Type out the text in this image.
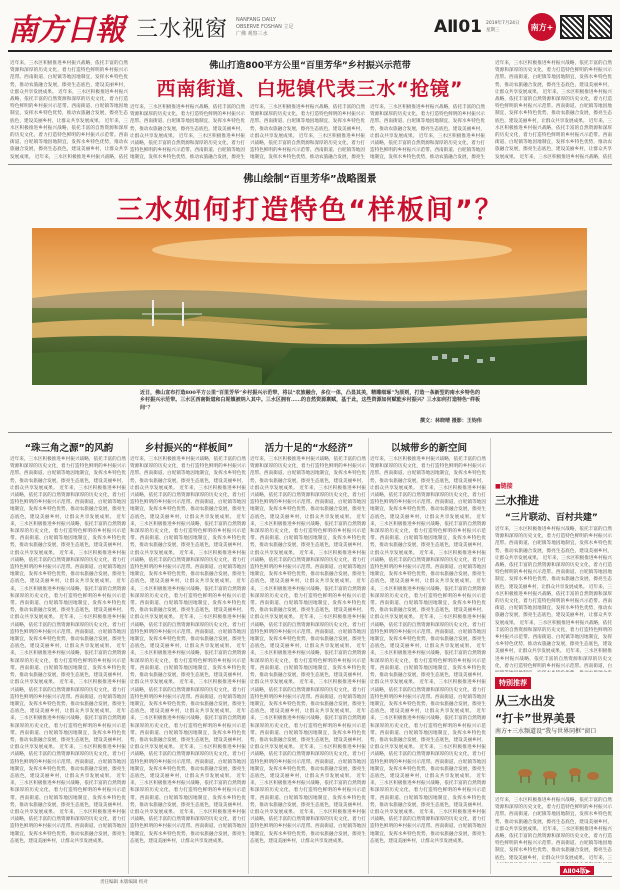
南方日報 三水视窗 NANFANG DAILY OBSERVE FOSHAN 立足广佛 观察三水	AⅡ01 2019年7月24日 星期三	南方+
近年来，三水区积极推进乡村振兴战略，依托丰富的自然资源和深厚的历史文化，着力打造特色鲜明的乡村振兴示范带。西南街道、白坭镇等地因地制宜，发挥水乡特色优势，推动农旅融合发展，擦亮生态底色，建设美丽乡村，让群众共享发展成果。 近年来，三水区积极推进乡村振兴战略，依托丰富的自然资源和深厚的历史文化，着力打造特色鲜明的乡村振兴示范带。西南街道、白坭镇等地因地制宜，发挥水乡特色优势，推动农旅融合发展，擦亮生态底色，建设美丽乡村，让群众共享发展成果。 近年来，三水区积极推进乡村振兴战略，依托丰富的自然资源和深厚的历史文化，着力打造特色鲜明的乡村振兴示范带。西南街道、白坭镇等地因地制宜，发挥水乡特色优势，推动农旅融合发展，擦亮生态底色，建设美丽乡村，让群众共享发展成果。 近年来，三水区积极推进乡村振兴战略，依托
佛山打造800平方公里“百里芳华”乡村振兴示范带
西南街道、白坭镇代表三水“抢镜”
近年来，三水区积极推进乡村振兴战略，依托丰富的自然资源和深厚的历史文化，着力打造特色鲜明的乡村振兴示范带。西南街道、白坭镇等地因地制宜，发挥水乡特色优势，推动农旅融合发展，擦亮生态底色，建设美丽乡村，让群众共享发展成果。 近年来，三水区积极推进乡村振兴战略，依托丰富的自然资源和深厚的历史文化，着力打造特色鲜明的乡村振兴示范带。西南街道、白坭镇等地因地制宜，发挥水乡特色优势，推动农旅融合发展，擦亮生
近年来，三水区积极推进乡村振兴战略，依托丰富的自然资源和深厚的历史文化，着力打造特色鲜明的乡村振兴示范带。西南街道、白坭镇等地因地制宜，发挥水乡特色优势，推动农旅融合发展，擦亮生态底色，建设美丽乡村，让群众共享发展成果。 近年来，三水区积极推进乡村振兴战略，依托丰富的自然资源和深厚的历史文化，着力打造特色鲜明的乡村振兴示范带。西南街道、白坭镇等地因地制宜，发挥水乡特色优势，推动农旅融合发展，擦亮生
近年来，三水区积极推进乡村振兴战略，依托丰富的自然资源和深厚的历史文化，着力打造特色鲜明的乡村振兴示范带。西南街道、白坭镇等地因地制宜，发挥水乡特色优势，推动农旅融合发展，擦亮生态底色，建设美丽乡村，让群众共享发展成果。 近年来，三水区积极推进乡村振兴战略，依托丰富的自然资源和深厚的历史文化，着力打造特色鲜明的乡村振兴示范带。西南街道、白坭镇等地因地制宜，发挥水乡特色优势，推动农旅融合发展，擦亮生
近年来，三水区积极推进乡村振兴战略，依托丰富的自然资源和深厚的历史文化，着力打造特色鲜明的乡村振兴示范带。西南街道、白坭镇等地因地制宜，发挥水乡特色优势，推动农旅融合发展，擦亮生态底色，建设美丽乡村，让群众共享发展成果。 近年来，三水区积极推进乡村振兴战略，依托丰富的自然资源和深厚的历史文化，着力打造特色鲜明的乡村振兴示范带。西南街道、白坭镇等地因地制宜，发挥水乡特色优势，推动农旅融合发展，擦亮生态底色，建设美丽乡村，让群众共享发展成果。 近年来，三水区积极推进乡村振兴战略，依托丰富的自然资源和深厚的历史文化，着力打造特色鲜明的乡村振兴示范带。西南街道、白坭镇等地因地制宜，发挥水乡特色优势，推动农旅融合发展，擦亮生态底色，建设美丽乡村，让群众共享发展成果。 近年来，三水区积极推进乡村振兴战略，依托
佛山绘制“百里芳华”战略图景
三水如何打造特色“样板间”？
近日，佛山宣布打造800平方公里“百里芳华”乡村振兴示范带，将以“农旅融合，多位一体，凸显其美，精雕细琢”为原则，打造一条新型的南水乡特色的乡村振兴示范带。三水区西南街道和白坭镇被纳入其中。三水区拥有……的自然资源禀赋，基于此，这些资源如何赋能乡村振兴？三水如何打造特色“样板间”？
撰文：林晓晴 摄影：王钧伟
“珠三角之源”的风韵	乡村振兴的“样板间”	活力十足的“水经济”	以城带乡的新空间
近年来，三水区积极推进乡村振兴战略，依托丰富的自然资源和深厚的历史文化，着力打造特色鲜明的乡村振兴示范带。西南街道、白坭镇等地因地制宜，发挥水乡特色优势，推动农旅融合发展，擦亮生态底色，建设美丽乡村，让群众共享发展成果。 近年来，三水区积极推进乡村振兴战略，依托丰富的自然资源和深厚的历史文化，着力打造特色鲜明的乡村振兴示范带。西南街道、白坭镇等地因地制宜，发挥水乡特色优势，推动农旅融合发展，擦亮生态底色，建设美丽乡村，让群众共享发展成果。 近年来，三水区积极推进乡村振兴战略，依托丰富的自然资源和深厚的历史文化，着力打造特色鲜明的乡村振兴示范带。西南街道、白坭镇等地因地制宜，发挥水乡特色优势，推动农旅融合发展，擦亮生态底色，建设美丽乡村，让群众共享发展成果。 近年来，三水区积极推进乡村振兴战略，依托丰富的自然资源和深厚的历史文化，着力打造特色鲜明的乡村振兴示范带。西南街道、白坭镇等地因地制宜，发挥水乡特色优势，推动农旅融合发展，擦亮生态底色，建设美丽乡村，让群众共享发展成果。 近年来，三水区积极推进乡村振兴战略，依托丰富的自然资源和深厚的历史文化，着力打造特色鲜明的乡村振兴示范带。西南街道、白坭镇等地因地制宜，发挥水乡特色优势，推动农旅融合发展，擦亮生态底色，建设美丽乡村，让群众共享发展成果。 近年来，三水区积极推进乡村振兴战略，依托丰富的自然资源和深厚的历史文化，着力打造特色鲜明的乡村振兴示范带。西南街道、白坭镇等地因地制宜，发挥水乡特色优势，推动农旅融合发展，擦亮生态底色，建设美丽乡村，让群众共享发展成果。 近年来，三水区积极推进乡村振兴战略，依托丰富的自然资源和深厚的历史文化，着力打造特色鲜明的乡村振兴示范带。西南街道、白坭镇等地因地制宜，发挥水乡特色优势，推动农旅融合发展，擦亮生态底色，建设美丽乡村，让群众共享发展成果。 近年来，三水区积极推进乡村振兴战略，依托丰富的自然资源和深厚的历史文化，着力打造特色鲜明的乡村振兴示范带。西南街道、白坭镇等地因地制宜，发挥水乡特色优势，推动农旅融合发展，擦亮生态底色，建设美丽乡村，让群众共享发展成果。 近年来，三水区积极推进乡村振兴战略，依托丰富的自然资源和深厚的历史文化，着力打造特色鲜明的乡村振兴示范带。西南街道、白坭镇等地因地制宜，发挥水乡特色优势，推动农旅融合发展，擦亮生态底色，建设美丽乡村，让群众共享发展成果。 近年来，三水区积极推进乡村振兴战略，依托丰富的自然资源和深厚的历史文化，着力打造特色鲜明的乡村振兴示范带。西南街道、白坭镇等地因地制宜，发挥水乡特色优势，推动农旅融合发展，擦亮生态底色，建设美丽乡村，让群众共享发展成果。 近年来，三水区积极推进乡村振兴战略，依托丰富的自然资源和深厚的历史文化，着力打造特色鲜明的乡村振兴示范带。西南街道、白坭镇等地因地制宜，发挥水乡特色优势，推动农旅融合发展，擦亮生态底色，建设美丽乡村，让群众共享发展成果。 近年来，三水区积极推进乡村振兴战略，依托丰富的自然资源和深厚的历史文化，着力打造特色鲜明的乡村振兴示范带。西南街道、白坭镇等地因地制宜，发挥水乡特色优势，推动农旅融合发展，擦亮生态底色，建设美丽乡村，让群众共享发展成果。
近年来，三水区积极推进乡村振兴战略，依托丰富的自然资源和深厚的历史文化，着力打造特色鲜明的乡村振兴示范带。西南街道、白坭镇等地因地制宜，发挥水乡特色优势，推动农旅融合发展，擦亮生态底色，建设美丽乡村，让群众共享发展成果。 近年来，三水区积极推进乡村振兴战略，依托丰富的自然资源和深厚的历史文化，着力打造特色鲜明的乡村振兴示范带。西南街道、白坭镇等地因地制宜，发挥水乡特色优势，推动农旅融合发展，擦亮生态底色，建设美丽乡村，让群众共享发展成果。 近年来，三水区积极推进乡村振兴战略，依托丰富的自然资源和深厚的历史文化，着力打造特色鲜明的乡村振兴示范带。西南街道、白坭镇等地因地制宜，发挥水乡特色优势，推动农旅融合发展，擦亮生态底色，建设美丽乡村，让群众共享发展成果。 近年来，三水区积极推进乡村振兴战略，依托丰富的自然资源和深厚的历史文化，着力打造特色鲜明的乡村振兴示范带。西南街道、白坭镇等地因地制宜，发挥水乡特色优势，推动农旅融合发展，擦亮生态底色，建设美丽乡村，让群众共享发展成果。 近年来，三水区积极推进乡村振兴战略，依托丰富的自然资源和深厚的历史文化，着力打造特色鲜明的乡村振兴示范带。西南街道、白坭镇等地因地制宜，发挥水乡特色优势，推动农旅融合发展，擦亮生态底色，建设美丽乡村，让群众共享发展成果。 近年来，三水区积极推进乡村振兴战略，依托丰富的自然资源和深厚的历史文化，着力打造特色鲜明的乡村振兴示范带。西南街道、白坭镇等地因地制宜，发挥水乡特色优势，推动农旅融合发展，擦亮生态底色，建设美丽乡村，让群众共享发展成果。 近年来，三水区积极推进乡村振兴战略，依托丰富的自然资源和深厚的历史文化，着力打造特色鲜明的乡村振兴示范带。西南街道、白坭镇等地因地制宜，发挥水乡特色优势，推动农旅融合发展，擦亮生态底色，建设美丽乡村，让群众共享发展成果。 近年来，三水区积极推进乡村振兴战略，依托丰富的自然资源和深厚的历史文化，着力打造特色鲜明的乡村振兴示范带。西南街道、白坭镇等地因地制宜，发挥水乡特色优势，推动农旅融合发展，擦亮生态底色，建设美丽乡村，让群众共享发展成果。 近年来，三水区积极推进乡村振兴战略，依托丰富的自然资源和深厚的历史文化，着力打造特色鲜明的乡村振兴示范带。西南街道、白坭镇等地因地制宜，发挥水乡特色优势，推动农旅融合发展，擦亮生态底色，建设美丽乡村，让群众共享发展成果。 近年来，三水区积极推进乡村振兴战略，依托丰富的自然资源和深厚的历史文化，着力打造特色鲜明的乡村振兴示范带。西南街道、白坭镇等地因地制宜，发挥水乡特色优势，推动农旅融合发展，擦亮生态底色，建设美丽乡村，让群众共享发展成果。 近年来，三水区积极推进乡村振兴战略，依托丰富的自然资源和深厚的历史文化，着力打造特色鲜明的乡村振兴示范带。西南街道、白坭镇等地因地制宜，发挥水乡特色优势，推动农旅融合发展，擦亮生态底色，建设美丽乡村，让群众共享发展成果。 近年来，三水区积极推进乡村振兴战略，依托丰富的自然资源和深厚的历史文化，着力打造特色鲜明的乡村振兴示范带。西南街道、白坭镇等地因地制宜，发挥水乡特色优势，推动农旅融合发展，擦亮生态底色，建设美丽乡村，让群众共享发展成果。
近年来，三水区积极推进乡村振兴战略，依托丰富的自然资源和深厚的历史文化，着力打造特色鲜明的乡村振兴示范带。西南街道、白坭镇等地因地制宜，发挥水乡特色优势，推动农旅融合发展，擦亮生态底色，建设美丽乡村，让群众共享发展成果。 近年来，三水区积极推进乡村振兴战略，依托丰富的自然资源和深厚的历史文化，着力打造特色鲜明的乡村振兴示范带。西南街道、白坭镇等地因地制宜，发挥水乡特色优势，推动农旅融合发展，擦亮生态底色，建设美丽乡村，让群众共享发展成果。 近年来，三水区积极推进乡村振兴战略，依托丰富的自然资源和深厚的历史文化，着力打造特色鲜明的乡村振兴示范带。西南街道、白坭镇等地因地制宜，发挥水乡特色优势，推动农旅融合发展，擦亮生态底色，建设美丽乡村，让群众共享发展成果。 近年来，三水区积极推进乡村振兴战略，依托丰富的自然资源和深厚的历史文化，着力打造特色鲜明的乡村振兴示范带。西南街道、白坭镇等地因地制宜，发挥水乡特色优势，推动农旅融合发展，擦亮生态底色，建设美丽乡村，让群众共享发展成果。 近年来，三水区积极推进乡村振兴战略，依托丰富的自然资源和深厚的历史文化，着力打造特色鲜明的乡村振兴示范带。西南街道、白坭镇等地因地制宜，发挥水乡特色优势，推动农旅融合发展，擦亮生态底色，建设美丽乡村，让群众共享发展成果。 近年来，三水区积极推进乡村振兴战略，依托丰富的自然资源和深厚的历史文化，着力打造特色鲜明的乡村振兴示范带。西南街道、白坭镇等地因地制宜，发挥水乡特色优势，推动农旅融合发展，擦亮生态底色，建设美丽乡村，让群众共享发展成果。 近年来，三水区积极推进乡村振兴战略，依托丰富的自然资源和深厚的历史文化，着力打造特色鲜明的乡村振兴示范带。西南街道、白坭镇等地因地制宜，发挥水乡特色优势，推动农旅融合发展，擦亮生态底色，建设美丽乡村，让群众共享发展成果。 近年来，三水区积极推进乡村振兴战略，依托丰富的自然资源和深厚的历史文化，着力打造特色鲜明的乡村振兴示范带。西南街道、白坭镇等地因地制宜，发挥水乡特色优势，推动农旅融合发展，擦亮生态底色，建设美丽乡村，让群众共享发展成果。 近年来，三水区积极推进乡村振兴战略，依托丰富的自然资源和深厚的历史文化，着力打造特色鲜明的乡村振兴示范带。西南街道、白坭镇等地因地制宜，发挥水乡特色优势，推动农旅融合发展，擦亮生态底色，建设美丽乡村，让群众共享发展成果。 近年来，三水区积极推进乡村振兴战略，依托丰富的自然资源和深厚的历史文化，着力打造特色鲜明的乡村振兴示范带。西南街道、白坭镇等地因地制宜，发挥水乡特色优势，推动农旅融合发展，擦亮生态底色，建设美丽乡村，让群众共享发展成果。 近年来，三水区积极推进乡村振兴战略，依托丰富的自然资源和深厚的历史文化，着力打造特色鲜明的乡村振兴示范带。西南街道、白坭镇等地因地制宜，发挥水乡特色优势，推动农旅融合发展，擦亮生态底色，建设美丽乡村，让群众共享发展成果。 近年来，三水区积极推进乡村振兴战略，依托丰富的自然资源和深厚的历史文化，着力打造特色鲜明的乡村振兴示范带。西南街道、白坭镇等地因地制宜，发挥水乡特色优势，推动农旅融合发展，擦亮生态底色，建设美丽乡村，让群众共享发展成果。
近年来，三水区积极推进乡村振兴战略，依托丰富的自然资源和深厚的历史文化，着力打造特色鲜明的乡村振兴示范带。西南街道、白坭镇等地因地制宜，发挥水乡特色优势，推动农旅融合发展，擦亮生态底色，建设美丽乡村，让群众共享发展成果。 近年来，三水区积极推进乡村振兴战略，依托丰富的自然资源和深厚的历史文化，着力打造特色鲜明的乡村振兴示范带。西南街道、白坭镇等地因地制宜，发挥水乡特色优势，推动农旅融合发展，擦亮生态底色，建设美丽乡村，让群众共享发展成果。 近年来，三水区积极推进乡村振兴战略，依托丰富的自然资源和深厚的历史文化，着力打造特色鲜明的乡村振兴示范带。西南街道、白坭镇等地因地制宜，发挥水乡特色优势，推动农旅融合发展，擦亮生态底色，建设美丽乡村，让群众共享发展成果。 近年来，三水区积极推进乡村振兴战略，依托丰富的自然资源和深厚的历史文化，着力打造特色鲜明的乡村振兴示范带。西南街道、白坭镇等地因地制宜，发挥水乡特色优势，推动农旅融合发展，擦亮生态底色，建设美丽乡村，让群众共享发展成果。 近年来，三水区积极推进乡村振兴战略，依托丰富的自然资源和深厚的历史文化，着力打造特色鲜明的乡村振兴示范带。西南街道、白坭镇等地因地制宜，发挥水乡特色优势，推动农旅融合发展，擦亮生态底色，建设美丽乡村，让群众共享发展成果。 近年来，三水区积极推进乡村振兴战略，依托丰富的自然资源和深厚的历史文化，着力打造特色鲜明的乡村振兴示范带。西南街道、白坭镇等地因地制宜，发挥水乡特色优势，推动农旅融合发展，擦亮生态底色，建设美丽乡村，让群众共享发展成果。 近年来，三水区积极推进乡村振兴战略，依托丰富的自然资源和深厚的历史文化，着力打造特色鲜明的乡村振兴示范带。西南街道、白坭镇等地因地制宜，发挥水乡特色优势，推动农旅融合发展，擦亮生态底色，建设美丽乡村，让群众共享发展成果。 近年来，三水区积极推进乡村振兴战略，依托丰富的自然资源和深厚的历史文化，着力打造特色鲜明的乡村振兴示范带。西南街道、白坭镇等地因地制宜，发挥水乡特色优势，推动农旅融合发展，擦亮生态底色，建设美丽乡村，让群众共享发展成果。 近年来，三水区积极推进乡村振兴战略，依托丰富的自然资源和深厚的历史文化，着力打造特色鲜明的乡村振兴示范带。西南街道、白坭镇等地因地制宜，发挥水乡特色优势，推动农旅融合发展，擦亮生态底色，建设美丽乡村，让群众共享发展成果。 近年来，三水区积极推进乡村振兴战略，依托丰富的自然资源和深厚的历史文化，着力打造特色鲜明的乡村振兴示范带。西南街道、白坭镇等地因地制宜，发挥水乡特色优势，推动农旅融合发展，擦亮生态底色，建设美丽乡村，让群众共享发展成果。 近年来，三水区积极推进乡村振兴战略，依托丰富的自然资源和深厚的历史文化，着力打造特色鲜明的乡村振兴示范带。西南街道、白坭镇等地因地制宜，发挥水乡特色优势，推动农旅融合发展，擦亮生态底色，建设美丽乡村，让群众共享发展成果。 近年来，三水区积极推进乡村振兴战略，依托丰富的自然资源和深厚的历史文化，着力打造特色鲜明的乡村振兴示范带。西南街道、白坭镇等地因地制宜，发挥水乡特色优势，推动农旅融合发展，擦亮生态底色，建设美丽乡村，让群众共享发展成果。
■链接
三水推进
“三片联动、百村共建”
近年来，三水区积极推进乡村振兴战略，依托丰富的自然资源和深厚的历史文化，着力打造特色鲜明的乡村振兴示范带。西南街道、白坭镇等地因地制宜，发挥水乡特色优势，推动农旅融合发展，擦亮生态底色，建设美丽乡村，让群众共享发展成果。 近年来，三水区积极推进乡村振兴战略，依托丰富的自然资源和深厚的历史文化，着力打造特色鲜明的乡村振兴示范带。西南街道、白坭镇等地因地制宜，发挥水乡特色优势，推动农旅融合发展，擦亮生态底色，建设美丽乡村，让群众共享发展成果。 近年来，三水区积极推进乡村振兴战略，依托丰富的自然资源和深厚的历史文化，着力打造特色鲜明的乡村振兴示范带。西南街道、白坭镇等地因地制宜，发挥水乡特色优势，推动农旅融合发展，擦亮生态底色，建设美丽乡村，让群众共享发展成果。 近年来，三水区积极推进乡村振兴战略，依托丰富的自然资源和深厚的历史文化，着力打造特色鲜明的乡村振兴示范带。西南街道、白坭镇等地因地制宜，发挥水乡特色优势，推动农旅融合发展，擦亮生态底色，建设美丽乡村，让群众共享发展成果。 近年来，三水区积极推进乡村振兴战略，依托丰富的自然资源和深厚的历史文化，着力打造特色鲜明的乡村振兴示范带。西南街道、白
特别推荐
从三水出发
“打卡”世界美景
南方+三水频道设“我与世界同框”窗口
近年来，三水区积极推进乡村振兴战略，依托丰富的自然资源和深厚的历史文化，着力打造特色鲜明的乡村振兴示范带。西南街道、白坭镇等地因地制宜，发挥水乡特色优势，推动农旅融合发展，擦亮生态底色，建设美丽乡村，让群众共享发展成果。 近年来，三水区积极推进乡村振兴战略，依托丰富的自然资源和深厚的历史文化，着力打造特色鲜明的乡村振兴示范带。西南街道、白坭镇等地因地制宜，发挥水乡特色优势，推动农旅融合发展，擦亮生态底色，建设美丽乡村，让群众共享发展成果。 近年来，三
AⅡ04版▶
责任编辑 本版编辑 校对
